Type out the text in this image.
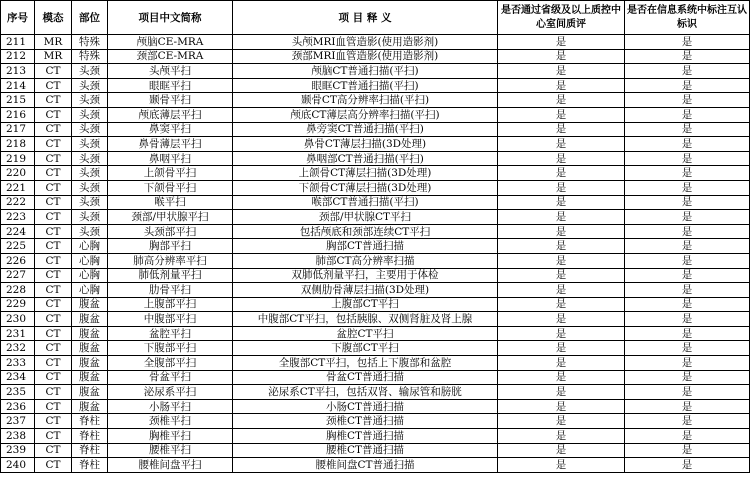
序号	模态	部位	项目中文简称	项 目 释 义	是否通过省级及以上质控中心室间质评	是否在信息系统中标注互认标识
211	MR	特殊	颅脑CE-MRA	头颅MRI血管造影(使用造影剂)	是	是
212	MR	特殊	颈部CE-MRA	颈部MRI血管造影(使用造影剂)	是	是
213	CT	头颈	头颅平扫	颅脑CT普通扫描(平扫)	是	是
214	CT	头颈	眼眶平扫	眼眶CT普通扫描(平扫)	是	是
215	CT	头颈	颞骨平扫	颞骨CT高分辨率扫描(平扫)	是	是
216	CT	头颈	颅底薄层平扫	颅底CT薄层高分辨率扫描(平扫)	是	是
217	CT	头颈	鼻窦平扫	鼻旁窦CT普通扫描(平扫)	是	是
218	CT	头颈	鼻骨薄层平扫	鼻骨CT薄层扫描(3D处理)	是	是
219	CT	头颈	鼻咽平扫	鼻咽部CT普通扫描(平扫)	是	是
220	CT	头颈	上颌骨平扫	上颌骨CT薄层扫描(3D处理)	是	是
221	CT	头颈	下颌骨平扫	下颌骨CT薄层扫描(3D处理)	是	是
222	CT	头颈	喉平扫	喉部CT普通扫描(平扫)	是	是
223	CT	头颈	颈部/甲状腺平扫	颈部/甲状腺CT平扫	是	是
224	CT	头颈	头颈部平扫	包括颅底和颈部连续CT平扫	是	是
225	CT	心胸	胸部平扫	胸部CT普通扫描	是	是
226	CT	心胸	肺高分辨率平扫	肺部CT高分辨率扫描	是	是
227	CT	心胸	肺低剂量平扫	双肺低剂量平扫，主要用于体检	是	是
228	CT	心胸	肋骨平扫	双侧肋骨薄层扫描(3D处理)	是	是
229	CT	腹盆	上腹部平扫	上腹部CT平扫	是	是
230	CT	腹盆	中腹部平扫	中腹部CT平扫，包括胰腺、双侧肾脏及肾上腺	是	是
231	CT	腹盆	盆腔平扫	盆腔CT平扫	是	是
232	CT	腹盆	下腹部平扫	下腹部CT平扫	是	是
233	CT	腹盆	全腹部平扫	全腹部CT平扫，包括上下腹部和盆腔	是	是
234	CT	腹盆	骨盆平扫	骨盆CT普通扫描	是	是
235	CT	腹盆	泌尿系平扫	泌尿系CT平扫，包括双肾、输尿管和膀胱	是	是
236	CT	腹盆	小肠平扫	小肠CT普通扫描	是	是
237	CT	脊柱	颈椎平扫	颈椎CT普通扫描	是	是
238	CT	脊柱	胸椎平扫	胸椎CT普通扫描	是	是
239	CT	脊柱	腰椎平扫	腰椎CT普通扫描	是	是
240	CT	脊柱	腰椎间盘平扫	腰椎间盘CT普通扫描	是	是
